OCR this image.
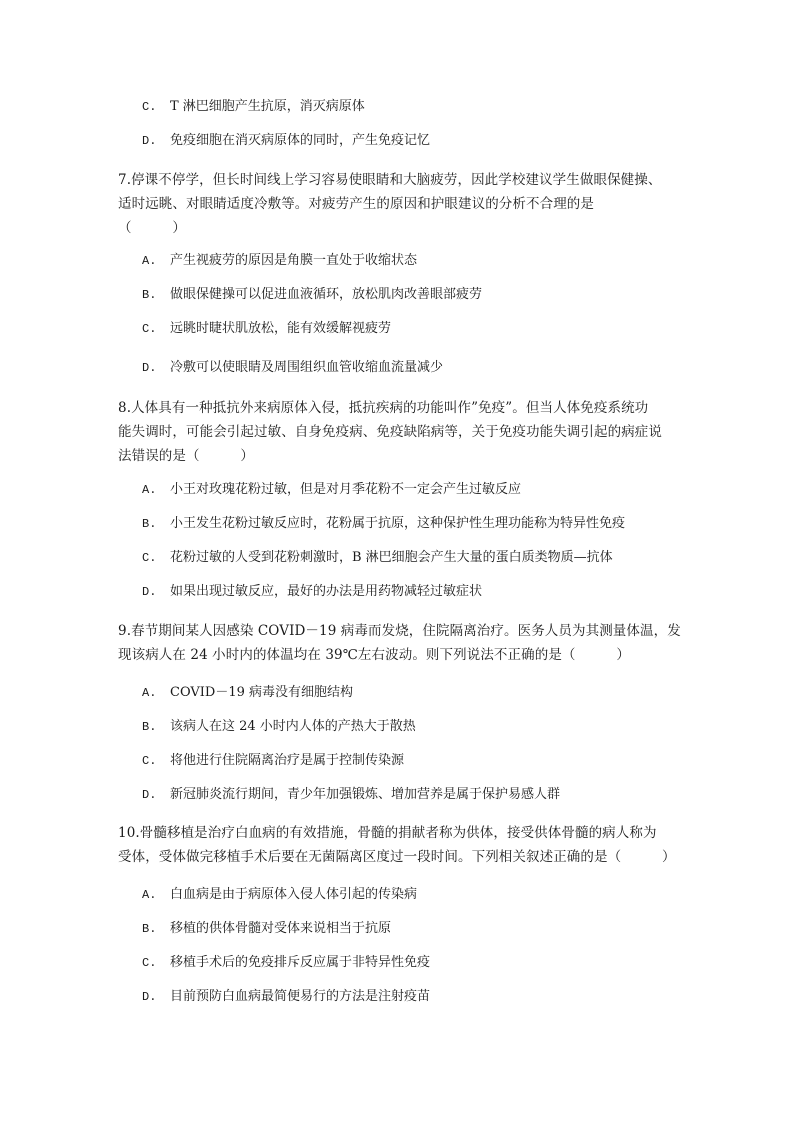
C. T 淋巴细胞产生抗原，消灭病原体
D. 免疫细胞在消灭病原体的同时，产生免疫记忆
7.停课不停学，但长时间线上学习容易使眼睛和大脑疲劳，因此学校建议学生做眼保健操、
适时远眺、对眼睛适度冷敷等。对疲劳产生的原因和护眼建议的分析不合理的是
（　　　）
A. 产生视疲劳的原因是角膜一直处于收缩状态
B. 做眼保健操可以促进血液循环，放松肌肉改善眼部疲劳
C. 远眺时睫状肌放松，能有效缓解视疲劳
D. 冷敷可以使眼睛及周围组织血管收缩血流量减少
8.人体具有一种抵抗外来病原体入侵，抵抗疾病的功能叫作”免疫”。但当人体免疫系统功
能失调时，可能会引起过敏、自身免疫病、免疫缺陷病等，关于免疫功能失调引起的病症说
法错误的是（　　　）
A. 小王对玫瑰花粉过敏，但是对月季花粉不一定会产生过敏反应
B. 小王发生花粉过敏反应时，花粉属于抗原，这种保护性生理功能称为特异性免疫
C. 花粉过敏的人受到花粉刺激时，B 淋巴细胞会产生大量的蛋白质类物质—抗体
D. 如果出现过敏反应，最好的办法是用药物减轻过敏症状
9.春节期间某人因感染 COVID－19 病毒而发烧，住院隔离治疗。医务人员为其测量体温，发
现该病人在 24 小时内的体温均在 39℃左右波动。则下列说法不正确的是（　　　）
A. COVID－19 病毒没有细胞结构
B. 该病人在这 24 小时内人体的产热大于散热
C. 将他进行住院隔离治疗是属于控制传染源
D. 新冠肺炎流行期间，青少年加强锻炼、增加营养是属于保护易感人群
10.骨髓移植是治疗白血病的有效措施，骨髓的捐献者称为供体，接受供体骨髓的病人称为
受体，受体做完移植手术后要在无菌隔离区度过一段时间。下列相关叙述正确的是（　　　）
A. 白血病是由于病原体入侵人体引起的传染病
B. 移植的供体骨髓对受体来说相当于抗原
C. 移植手术后的免疫排斥反应属于非特异性免疫
D. 目前预防白血病最简便易行的方法是注射疫苗
